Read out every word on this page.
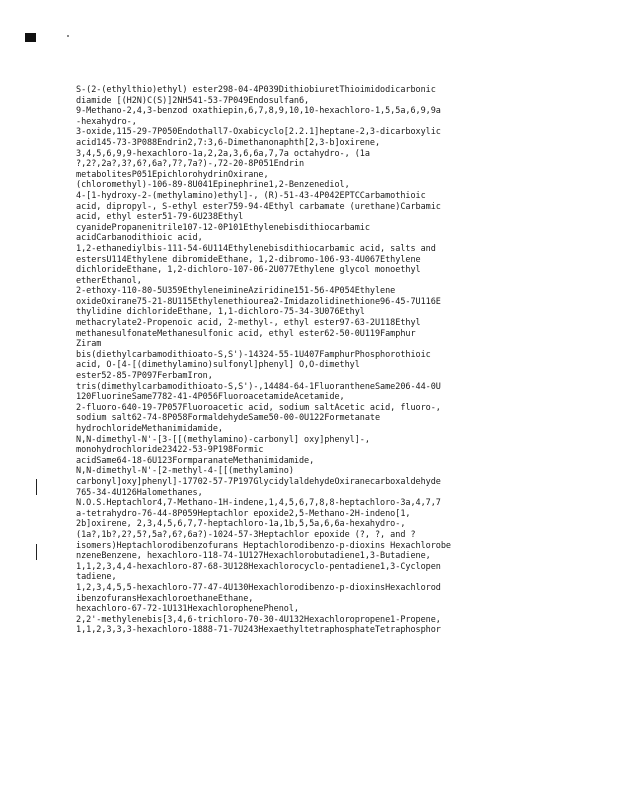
S-(2-(ethylthio)ethyl) ester298-04-4P039DithiobiuretThioimidodicarbonic
diamide [(H2N)C(S)]2NH541-53-7P049Endosulfan6,
9-Methano-2,4,3-benzod oxathiepin,6,7,8,9,10,10-hexachloro-1,5,5a,6,9,9a
-hexahydro-,
3-oxide,115-29-7P050Endothall7-Oxabicyclo[2.2.1]heptane-2,3-dicarboxylic
acid145-73-3P088Endrin2,7:3,6-Dimethanonaphth[2,3-b]oxirene,
3,4,5,6,9,9-hexachloro-1a,2,2a,3,6,6a,7,7a octahydro-, (1a
?,2?,2a?,3?,6?,6a?,7?,7a?)-,72-20-8P051Endrin
metabolitesP051EpichlorohydrinOxirane,
(chloromethyl)-106-89-8U041Epinephrine1,2-Benzenediol,
4-[1-hydroxy-2-(methylamino)ethyl]-, (R)-51-43-4P042EPTCCarbamothioic
acid, dipropyl-, S-ethyl ester759-94-4Ethyl carbamate (urethane)Carbamic
acid, ethyl ester51-79-6U238Ethyl
cyanidePropanenitrile107-12-0P101Ethylenebisdithiocarbamic
acidCarbanodithioic acid,
1,2-ethanediylbis-111-54-6U114Ethylenebisdithiocarbamic acid, salts and
estersU114Ethylene dibromideEthane, 1,2-dibromo-106-93-4U067Ethylene
dichlorideEthane, 1,2-dichloro-107-06-2U077Ethylene glycol monoethyl
etherEthanol,
2-ethoxy-110-80-5U359EthyleneimineAziridine151-56-4P054Ethylene
oxideOxirane75-21-8U115Ethylenethiourea2-Imidazolidinethione96-45-7U116E
thylidine dichlorideEthane, 1,1-dichloro-75-34-3U076Ethyl
methacrylate2-Propenoic acid, 2-methyl-, ethyl ester97-63-2U118Ethyl
methanesulfonateMethanesulfonic acid, ethyl ester62-50-0U119Famphur
Ziram
bis(diethylcarbamodithioato-S,S')-14324-55-1U407FamphurPhosphorothioic
acid, O-[4-[(dimethylamino)sulfonyl]phenyl] O,O-dimethyl
ester52-85-7P097FerbamIron,
tris(dimethylcarbamodithioato-S,S')-,14484-64-1FluorantheneSame206-44-0U
120FluorineSame7782-41-4P056FluoroacetamideAcetamide,
2-fluoro-640-19-7P057Fluoroacetic acid, sodium saltAcetic acid, fluoro-,
sodium salt62-74-8P058FormaldehydeSame50-00-0U122Formetanate
hydrochlorideMethanimidamide,
N,N-dimethyl-N'-[3-[[(methylamino)-carbonyl] oxy]phenyl]-,
monohydrochloride23422-53-9P198Formic
acidSame64-18-6U123FormparanateMethanimidamide,
N,N-dimethyl-N'-[2-methyl-4-[[(methylamino)
carbonyl]oxy]phenyl]-17702-57-7P197GlycidylaldehydeOxiranecarboxaldehyde
765-34-4U126Halomethanes,
N.O.S.Heptachlor4,7-Methano-1H-indene,1,4,5,6,7,8,8-heptachloro-3a,4,7,7
a-tetrahydro-76-44-8P059Heptachlor epoxide2,5-Methano-2H-indeno[1,
2b]oxirene, 2,3,4,5,6,7,7-heptachloro-1a,1b,5,5a,6,6a-hexahydro-,
(1a?,1b?,2?,5?,5a?,6?,6a?)-1024-57-3Heptachlor epoxide (?, ?, and ?
isomers)Heptachlorodibenzofurans Heptachlorodibenzo-p-dioxins Hexachlorobe
nzeneBenzene, hexachloro-118-74-1U127Hexachlorobutadiene1,3-Butadiene,
1,1,2,3,4,4-hexachloro-87-68-3U128Hexachlorocyclo-pentadiene1,3-Cyclopen
tadiene,
1,2,3,4,5,5-hexachloro-77-47-4U130Hexachlorodibenzo-p-dioxinsHexachlorod
ibenzofuransHexachloroethaneEthane,
hexachloro-67-72-1U131HexachlorophenePhenol,
2,2'-methylenebis[3,4,6-trichloro-70-30-4U132Hexachloropropene1-Propene,
1,1,2,3,3,3-hexachloro-1888-71-7U243HexaethyltetraphosphateTetraphosphor
